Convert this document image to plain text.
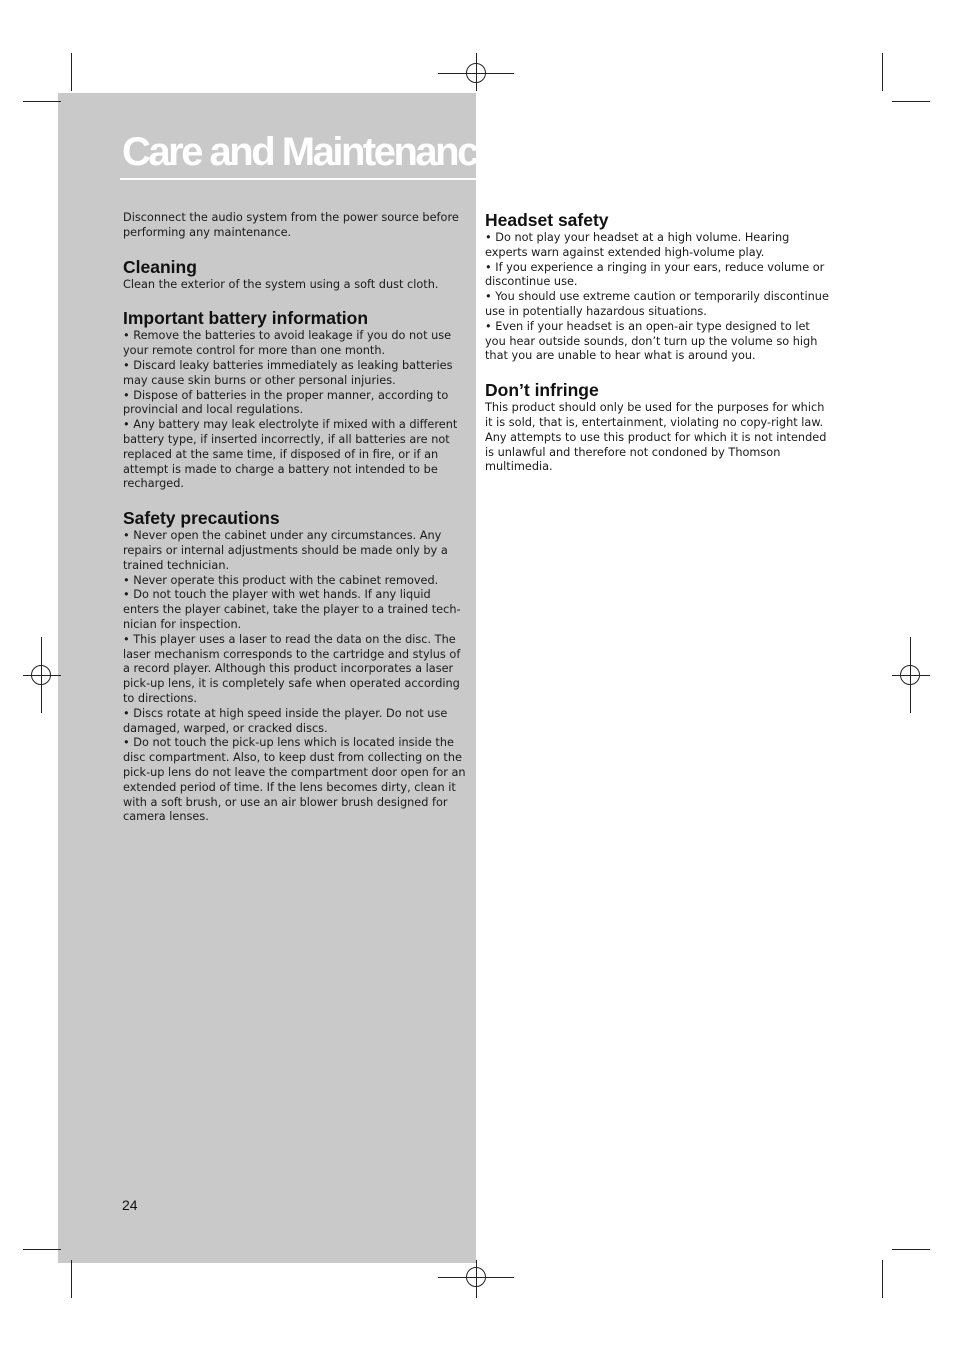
Care and Maintenance

Disconnect the audio system from the power source before performing any maintenance.

Cleaning

Clean the exterior of the system using a soft dust cloth.

Important battery information

• Remove the batteries to avoid leakage if you do not use your remote control for more than one month.
• Discard leaky batteries immediately as leaking batteries may cause skin burns or other personal injuries.
• Dispose of batteries in the proper manner, according to provincial and local regulations.
• Any battery may leak electrolyte if mixed with a different battery type, if inserted incorrectly, if all batteries are not replaced at the same time, if disposed of in fire, or if an attempt is made to charge a battery not intended to be recharged.

Safety precautions

• Never open the cabinet under any circumstances. Any repairs or internal adjustments should be made only by a trained technician.
• Never operate this product with the cabinet removed.
• Do not touch the player with wet hands. If any liquid enters the player cabinet, take the player to a trained tech-nician for inspection.
• This player uses a laser to read the data on the disc. The laser mechanism corresponds to the cartridge and stylus of a record player. Although this product incorporates a laser pick-up lens, it is completely safe when operated according to directions.
• Discs rotate at high speed inside the player. Do not use damaged, warped, or cracked discs.
• Do not touch the pick-up lens which is located inside the disc compartment. Also, to keep dust from collecting on the pick-up lens do not leave the compartment door open for an extended period of time. If the lens becomes dirty, clean it with a soft brush, or use an air blower brush designed for camera lenses.

Headset safety

• Do not play your headset at a high volume. Hearing experts warn against extended high-volume play.
• If you experience a ringing in your ears, reduce volume or discontinue use.
• You should use extreme caution or temporarily discontinue use in potentially hazardous situations.
• Even if your headset is an open-air type designed to let you hear outside sounds, don’t turn up the volume so high that you are unable to hear what is around you.

Don’t infringe

This product should only be used for the purposes for which it is sold, that is, entertainment, violating no copy-right law. Any attempts to use this product for which it is not intended is unlawful and therefore not condoned by Thomson multimedia.

24
